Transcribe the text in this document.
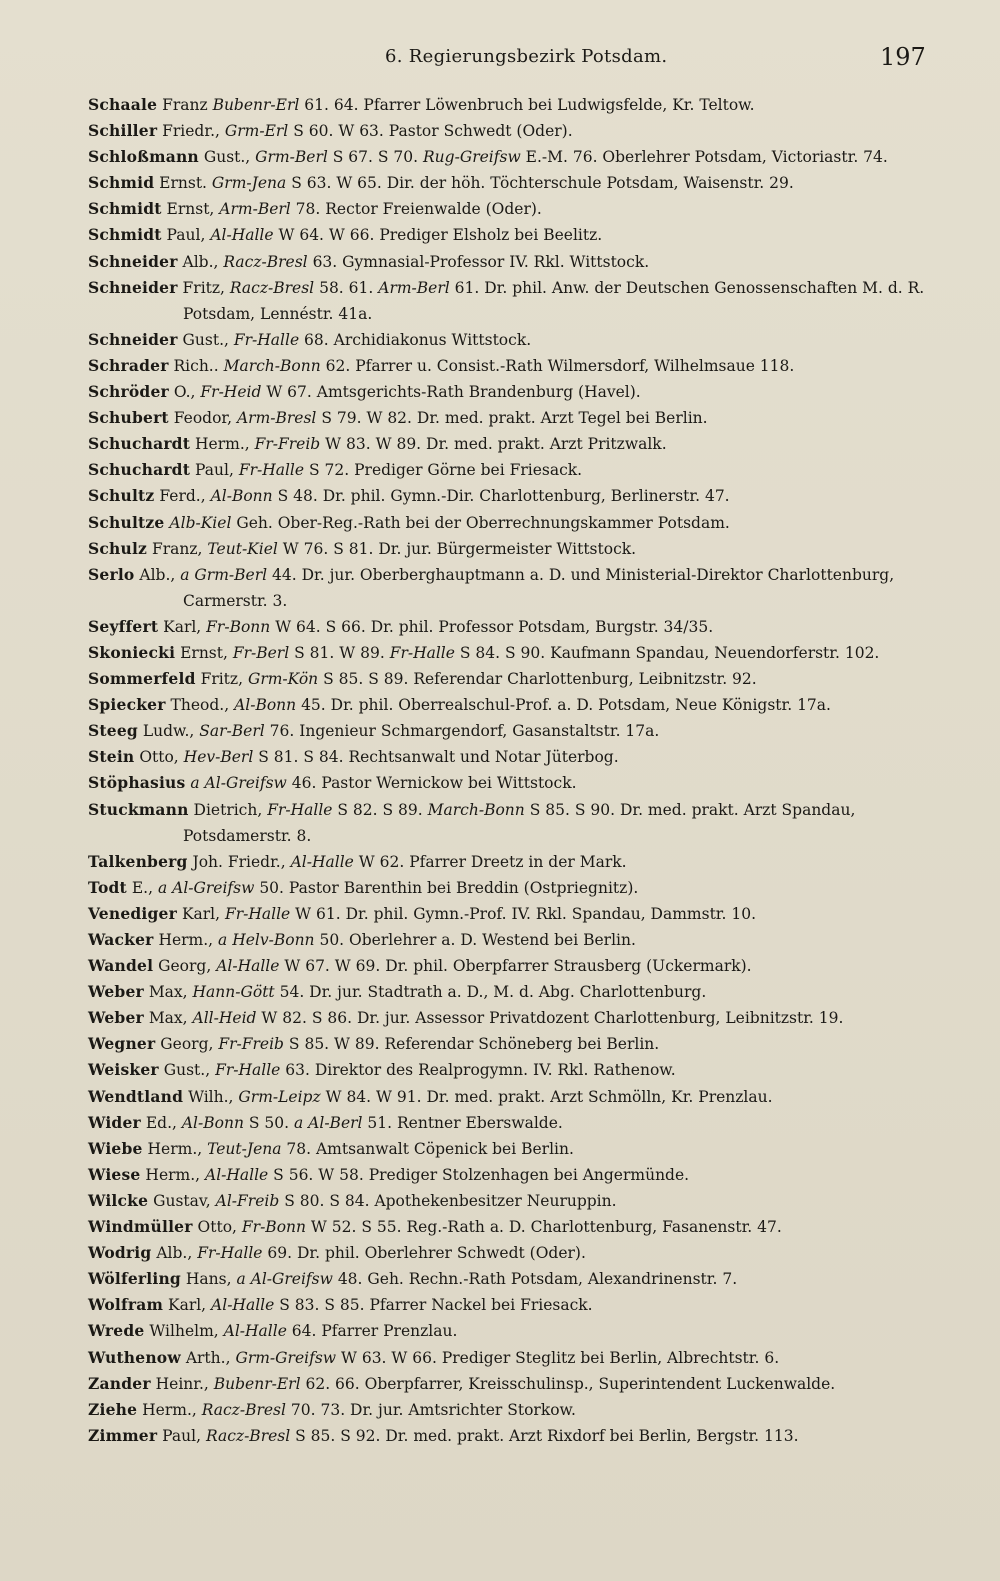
6. Regierungsbezirk Potsdam.	197
Schaale Franz Bubenr-Erl 61. 64. Pfarrer Löwenbruch bei Ludwigsfelde, Kr. Teltow.
Schiller Friedr., Grm-Erl S 60. W 63. Pastor Schwedt (Oder).
Schloßmann Gust., Grm-Berl S 67. S 70. Rug-Greifsw E.-M. 76. Oberlehrer Potsdam, Victoriastr. 74.
Schmid Ernst. Grm-Jena S 63. W 65. Dir. der höh. Töchterschule Potsdam, Waisenstr. 29.
Schmidt Ernst, Arm-Berl 78. Rector Freienwalde (Oder).
Schmidt Paul, Al-Halle W 64. W 66. Prediger Elsholz bei Beelitz.
Schneider Alb., Racz-Bresl 63. Gymnasial-Professor IV. Rkl. Wittstock.
Schneider Fritz, Racz-Bresl 58. 61. Arm-Berl 61. Dr. phil. Anw. der Deutschen Genossenschaften M. d. R. Potsdam, Lennéstr. 41a.
Schneider Gust., Fr-Halle 68. Archidiakonus Wittstock.
Schrader Rich.. March-Bonn 62. Pfarrer u. Consist.-Rath Wilmersdorf, Wilhelmsaue 118.
Schröder O., Fr-Heid W 67. Amtsgerichts-Rath Brandenburg (Havel).
Schubert Feodor, Arm-Bresl S 79. W 82. Dr. med. prakt. Arzt Tegel bei Berlin.
Schuchardt Herm., Fr-Freib W 83. W 89. Dr. med. prakt. Arzt Pritzwalk.
Schuchardt Paul, Fr-Halle S 72. Prediger Görne bei Friesack.
Schultz Ferd., Al-Bonn S 48. Dr. phil. Gymn.-Dir. Charlottenburg, Berlinerstr. 47.
Schultze Alb-Kiel Geh. Ober-Reg.-Rath bei der Oberrechnungskammer Potsdam.
Schulz Franz, Teut-Kiel W 76. S 81. Dr. jur. Bürgermeister Wittstock.
Serlo Alb., a Grm-Berl 44. Dr. jur. Oberberghauptmann a. D. und Ministerial-Direktor Charlottenburg, Carmerstr. 3.
Seyffert Karl, Fr-Bonn W 64. S 66. Dr. phil. Professor Potsdam, Burgstr. 34/35.
Skoniecki Ernst, Fr-Berl S 81. W 89. Fr-Halle S 84. S 90. Kaufmann Spandau, Neuendorferstr. 102.
Sommerfeld Fritz, Grm-Kön S 85. S 89. Referendar Charlottenburg, Leibnitzstr. 92.
Spiecker Theod., Al-Bonn 45. Dr. phil. Oberrealschul-Prof. a. D. Potsdam, Neue Königstr. 17a.
Steeg Ludw., Sar-Berl 76. Ingenieur Schmargendorf, Gasanstaltstr. 17a.
Stein Otto, Hev-Berl S 81. S 84. Rechtsanwalt und Notar Jüterbog.
Stöphasius a Al-Greifsw 46. Pastor Wernickow bei Wittstock.
Stuckmann Dietrich, Fr-Halle S 82. S 89. March-Bonn S 85. S 90. Dr. med. prakt. Arzt Spandau, Potsdamerstr. 8.
Talkenberg Joh. Friedr., Al-Halle W 62. Pfarrer Dreetz in der Mark.
Todt E., a Al-Greifsw 50. Pastor Barenthin bei Breddin (Ostpriegnitz).
Venediger Karl, Fr-Halle W 61. Dr. phil. Gymn.-Prof. IV. Rkl. Spandau, Dammstr. 10.
Wacker Herm., a Helv-Bonn 50. Oberlehrer a. D. Westend bei Berlin.
Wandel Georg, Al-Halle W 67. W 69. Dr. phil. Oberpfarrer Strausberg (Uckermark).
Weber Max, Hann-Gött 54. Dr. jur. Stadtrath a. D., M. d. Abg. Charlottenburg.
Weber Max, All-Heid W 82. S 86. Dr. jur. Assessor Privatdozent Charlottenburg, Leibnitzstr. 19.
Wegner Georg, Fr-Freib S 85. W 89. Referendar Schöneberg bei Berlin.
Weisker Gust., Fr-Halle 63. Direktor des Realprogymn. IV. Rkl. Rathenow.
Wendtland Wilh., Grm-Leipz W 84. W 91. Dr. med. prakt. Arzt Schmölln, Kr. Prenzlau.
Wider Ed., Al-Bonn S 50. a Al-Berl 51. Rentner Eberswalde.
Wiebe Herm., Teut-Jena 78. Amtsanwalt Cöpenick bei Berlin.
Wiese Herm., Al-Halle S 56. W 58. Prediger Stolzenhagen bei Angermünde.
Wilcke Gustav, Al-Freib S 80. S 84. Apothekenbesitzer Neuruppin.
Windmüller Otto, Fr-Bonn W 52. S 55. Reg.-Rath a. D. Charlottenburg, Fasanenstr. 47.
Wodrig Alb., Fr-Halle 69. Dr. phil. Oberlehrer Schwedt (Oder).
Wölferling Hans, a Al-Greifsw 48. Geh. Rechn.-Rath Potsdam, Alexandrinenstr. 7.
Wolfram Karl, Al-Halle S 83. S 85. Pfarrer Nackel bei Friesack.
Wrede Wilhelm, Al-Halle 64. Pfarrer Prenzlau.
Wuthenow Arth., Grm-Greifsw W 63. W 66. Prediger Steglitz bei Berlin, Albrechtstr. 6.
Zander Heinr., Bubenr-Erl 62. 66. Oberpfarrer, Kreisschulinsp., Superintendent Luckenwalde.
Ziehe Herm., Racz-Bresl 70. 73. Dr. jur. Amtsrichter Storkow.
Zimmer Paul, Racz-Bresl S 85. S 92. Dr. med. prakt. Arzt Rixdorf bei Berlin, Bergstr. 113.
